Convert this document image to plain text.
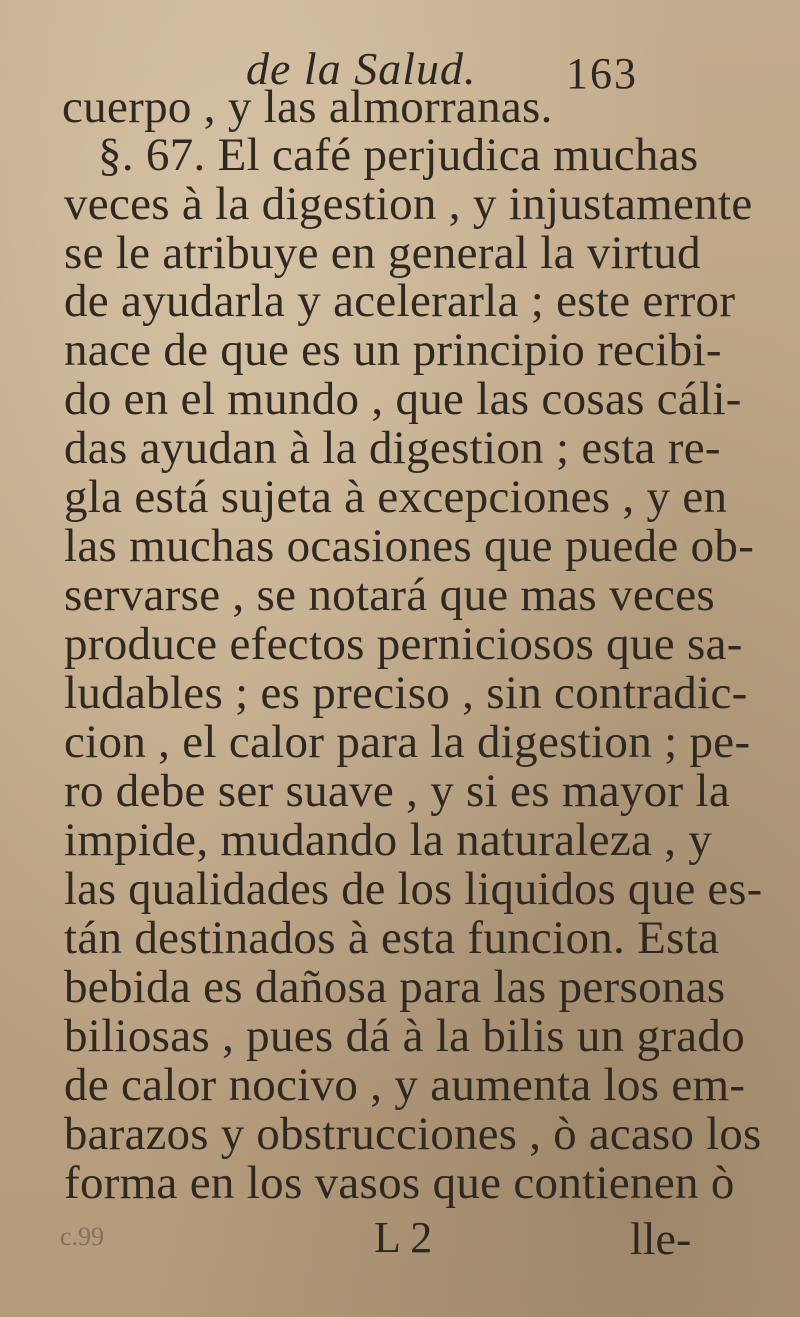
de la Salud. 163
cuerpo , y las almorranas.
§. 67. El café perjudica muchas
veces à la digestion , y injustamente
se le atribuye en general la virtud
de ayudarla y acelerarla ; este error
nace de que es un principio recibi-
do en el mundo , que las cosas cáli-
das ayudan à la digestion ; esta re-
gla está sujeta à excepciones , y en
las muchas ocasiones que puede ob-
servarse , se notará que mas veces
produce efectos perniciosos que sa-
ludables ; es preciso , sin contradic-
cion , el calor para la digestion ; pe-
ro debe ser suave , y si es mayor la
impide, mudando la naturaleza , y
las qualidades de los liquidos que es-
tán destinados à esta funcion. Esta
bebida es dañosa para las personas
biliosas , pues dá à la bilis un grado
de calor nocivo , y aumenta los em-
barazos y obstrucciones , ò acaso los
forma en los vasos que contienen ò
c.99	L 2	lle-
